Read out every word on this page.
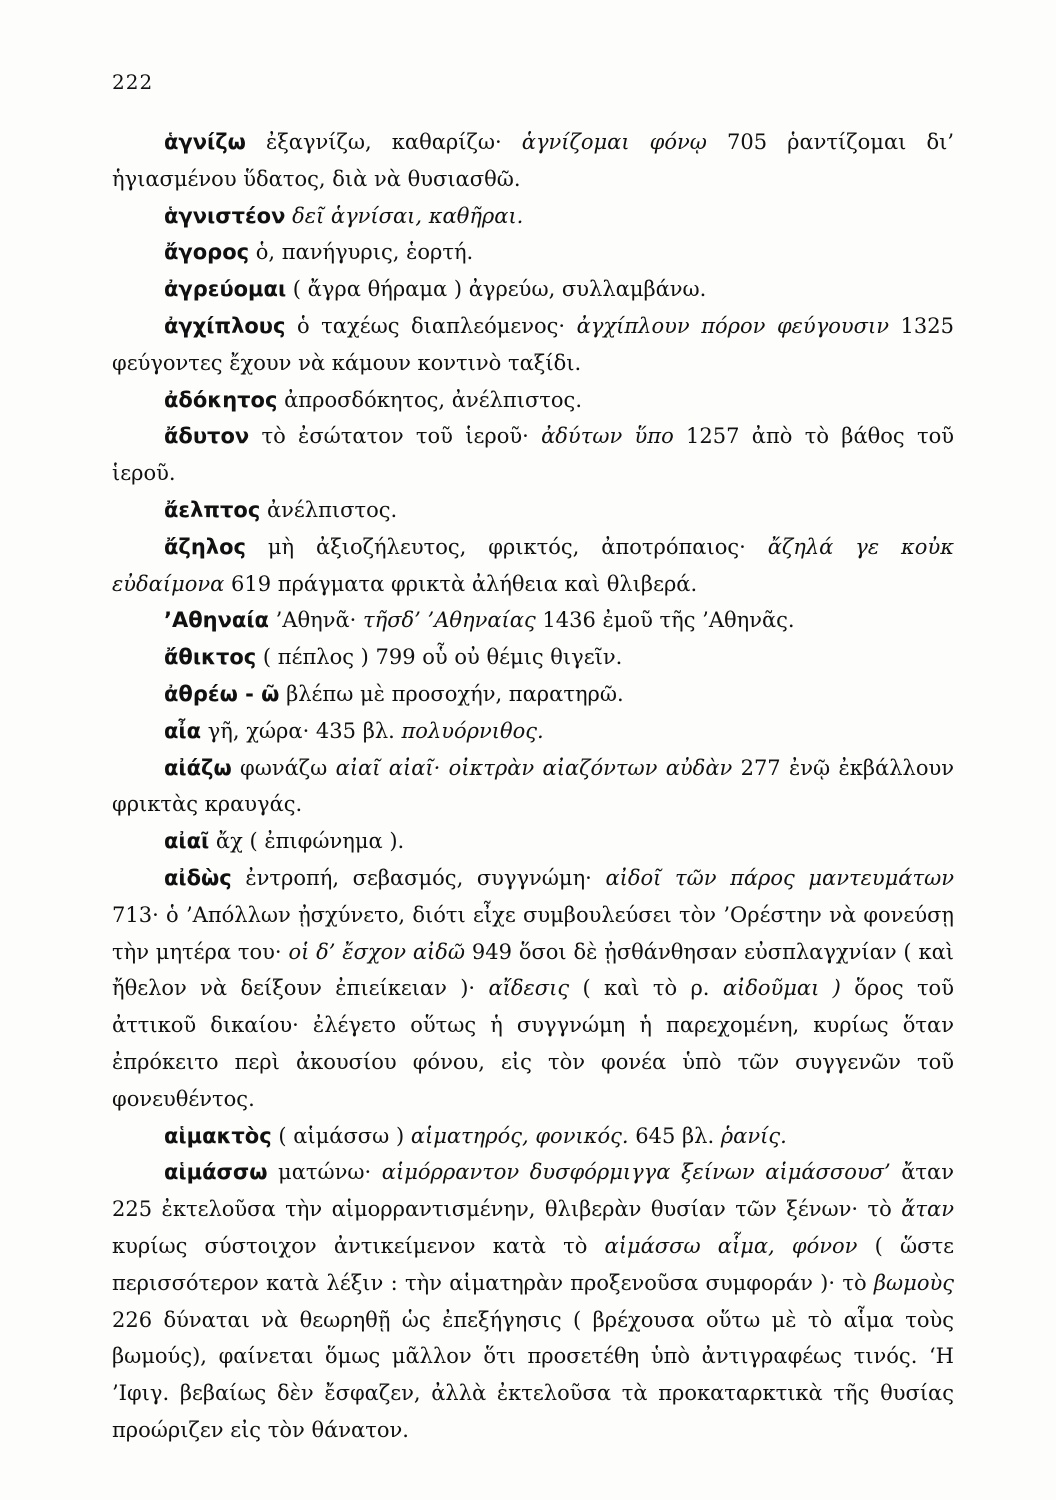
222

ἁγνίζω ἐξαγνίζω, καθαρίζω· ἁγνίζομαι φόνῳ 705 ῥαντίζομαι δι’ ἡγιασμένου ὕδατος, διὰ νὰ θυσιασθῶ.

ἁγνιστέον δεῖ ἁγνίσαι, καθῆραι.

ἄγορος ὁ, πανήγυρις, ἑορτή.

ἀγρεύομαι ( ἄγρα θήραμα ) ἀγρεύω, συλλαμβάνω.

ἀγχίπλους ὁ ταχέως διαπλεόμενος· ἀγχίπλουν πόρον φεύγουσιν 1325 φεύγοντες ἔχουν νὰ κάμουν κοντινὸ ταξίδι.

ἀδόκητος ἀπροσδόκητος, ἀνέλπιστος.

ἄδυτον τὸ ἐσώτατον τοῦ ἱεροῦ· ἀδύτων ὕπο 1257 ἀπὸ τὸ βάθος τοῦ ἱεροῦ.

ἄελπτος ἀνέλπιστος.

ἄζηλος μὴ ἀξιοζήλευτος, φρικτός, ἀποτρόπαιος· ἄζηλά γε κοὐκ εὐδαίμονα 619 πράγματα φρικτὰ ἀλήθεια καὶ θλιβερά.

’Αθηναία ’Αθηνᾶ· τῆσδ’ ’Αθηναίας 1436 ἐμοῦ τῆς ’Αθηνᾶς.

ἄθικτος ( πέπλος ) 799 οὗ οὐ θέμις θιγεῖν.

ἀθρέω - ῶ βλέπω μὲ προσοχήν, παρατηρῶ.

αἶα γῆ, χώρα· 435 βλ. πολυόρνιθος.

αἰάζω φωνάζω αἰαῖ αἰαῖ· οἰκτρὰν αἰαζόντων αὐδὰν 277 ἐνῷ ἐκβάλλουν φρικτὰς κραυγάς.

αἰαῖ ἄχ ( ἐπιφώνημα ).

αἰδὼς ἐντροπή, σεβασμός, συγγνώμη· αἰδοῖ τῶν πάρος μαντευμάτων 713· ὁ ’Απόλλων ᾐσχύνετο, διότι εἶχε συμβουλεύσει τὸν ’Ορέστην νὰ φονεύσῃ τὴν μητέρα του· οἱ δ’ ἔσχον αἰδῶ 949 ὅσοι δὲ ᾐσθάνθησαν εὐσπλαγχνίαν ( καὶ ἤθελον νὰ δείξουν ἐπιείκειαν )· αἴδεσις ( καὶ τὸ ρ. αἰδοῦμαι ) ὅρος τοῦ ἀττικοῦ δικαίου· ἐλέγετο οὕτως ἡ συγγνώμη ἡ παρεχομένη, κυρίως ὅταν ἐπρόκειτο περὶ ἀκουσίου φόνου, εἰς τὸν φονέα ὑπὸ τῶν συγγενῶν τοῦ φονευθέντος.

αἱμακτὸς ( αἱμάσσω ) αἱματηρός, φονικός. 645 βλ. ῥανίς.

αἱμάσσω ματώνω· αἱμόρραντον δυσφόρμιγγα ξείνων αἱμάσσουσ’ ἄταν 225 ἐκτελοῦσα τὴν αἱμορραντισμένην, θλιβερὰν θυσίαν τῶν ξένων· τὸ ἄταν κυρίως σύστοιχον ἀντικείμενον κατὰ τὸ αἱμάσσω αἷμα, φόνον ( ὥστε περισσότερον κατὰ λέξιν : τὴν αἱματηρὰν προξενοῦσα συμφοράν )· τὸ βωμοὺς 226 δύναται νὰ θεωρηθῇ ὡς ἐπεξήγησις ( βρέχουσα οὕτω μὲ τὸ αἷμα τοὺς βωμούς), φαίνεται ὅμως μᾶλλον ὅτι προσετέθη ὑπὸ ἀντιγραφέως τινός. ‘Η ’Ιφιγ. βεβαίως δὲν ἔσφαζεν, ἀλλὰ ἐκτελοῦσα τὰ προκαταρκτικὰ τῆς θυσίας προώριζεν εἰς τὸν θάνατον.
